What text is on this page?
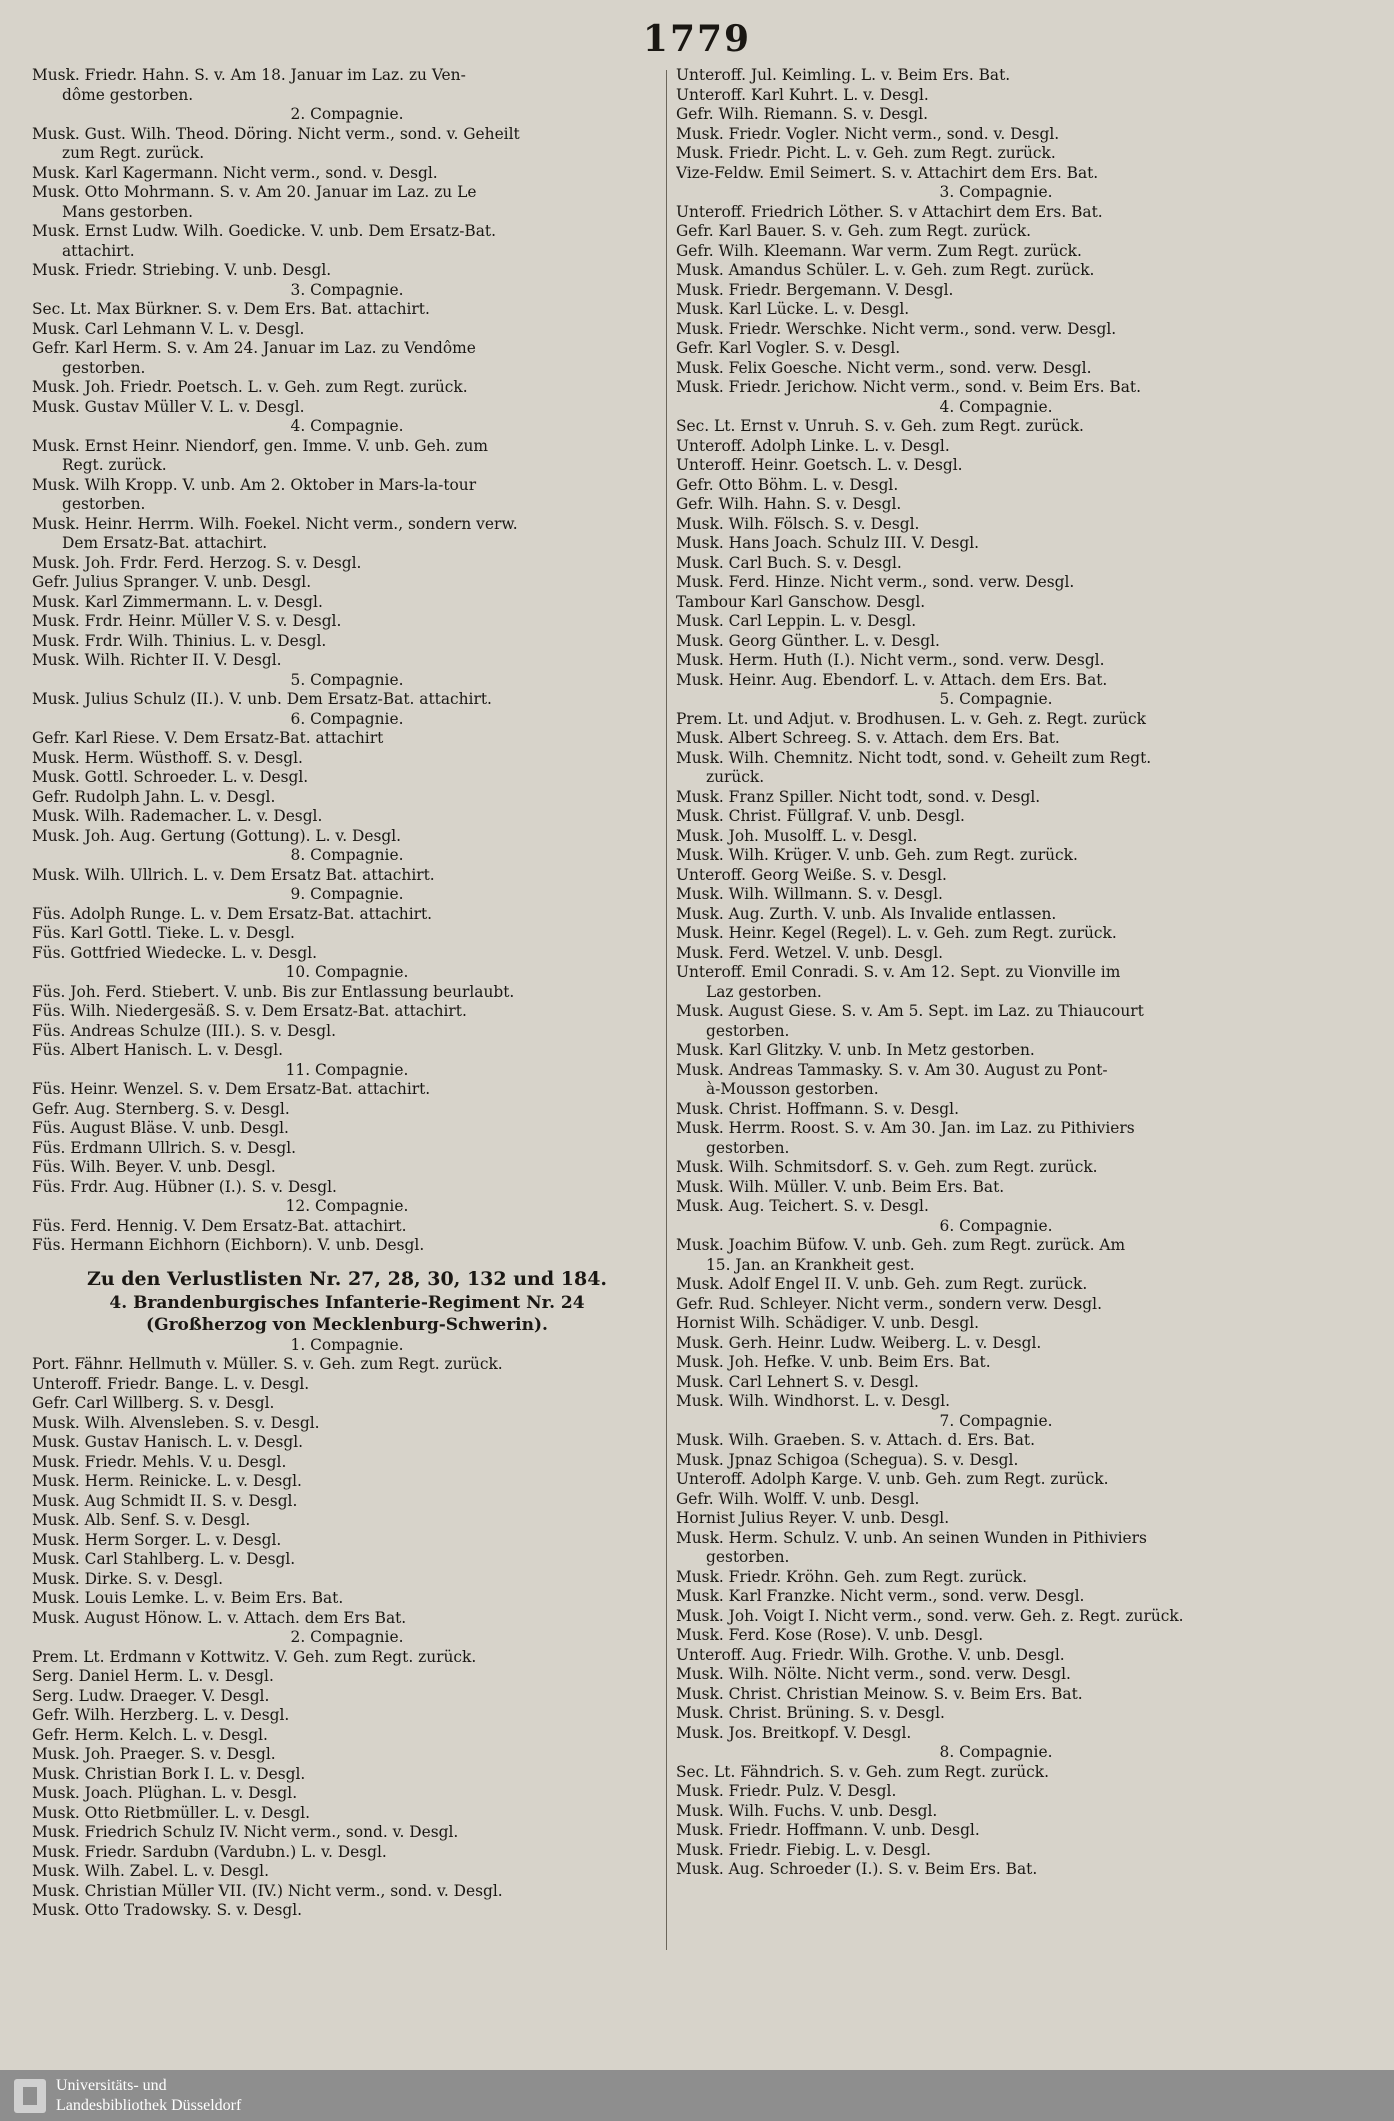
1779
Musk. Friedr. Hahn. S. v. Am 18. Januar im Laz. zu Ven-
dôme gestorben.
2. Compagnie.
Musk. Gust. Wilh. Theod. Döring. Nicht verm., sond. v. Geheilt
zum Regt. zurück.
Musk. Karl Kagermann. Nicht verm., sond. v. Desgl.
Musk. Otto Mohrmann. S. v. Am 20. Januar im Laz. zu Le
Mans gestorben.
Musk. Ernst Ludw. Wilh. Goedicke. V. unb. Dem Ersatz-Bat.
attachirt.
Musk. Friedr. Striebing. V. unb. Desgl.
3. Compagnie.
Sec. Lt. Max Bürkner. S. v. Dem Ers. Bat. attachirt.
Musk. Carl Lehmann V. L. v. Desgl.
Gefr. Karl Herm. S. v. Am 24. Januar im Laz. zu Vendôme
gestorben.
Musk. Joh. Friedr. Poetsch. L. v. Geh. zum Regt. zurück.
Musk. Gustav Müller V. L. v. Desgl.
4. Compagnie.
Musk. Ernst Heinr. Niendorf, gen. Imme. V. unb. Geh. zum
Regt. zurück.
Musk. Wilh Kropp. V. unb. Am 2. Oktober in Mars-la-tour
gestorben.
Musk. Heinr. Herrm. Wilh. Foekel. Nicht verm., sondern verw.
Dem Ersatz-Bat. attachirt.
Musk. Joh. Frdr. Ferd. Herzog. S. v. Desgl.
Gefr. Julius Spranger. V. unb. Desgl.
Musk. Karl Zimmermann. L. v. Desgl.
Musk. Frdr. Heinr. Müller V. S. v. Desgl.
Musk. Frdr. Wilh. Thinius. L. v. Desgl.
Musk. Wilh. Richter II. V. Desgl.
5. Compagnie.
Musk. Julius Schulz (II.). V. unb. Dem Ersatz-Bat. attachirt.
6. Compagnie.
Gefr. Karl Riese. V. Dem Ersatz-Bat. attachirt
Musk. Herm. Wüsthoff. S. v. Desgl.
Musk. Gottl. Schroeder. L. v. Desgl.
Gefr. Rudolph Jahn. L. v. Desgl.
Musk. Wilh. Rademacher. L. v. Desgl.
Musk. Joh. Aug. Gertung (Gottung). L. v. Desgl.
8. Compagnie.
Musk. Wilh. Ullrich. L. v. Dem Ersatz Bat. attachirt.
9. Compagnie.
Füs. Adolph Runge. L. v. Dem Ersatz-Bat. attachirt.
Füs. Karl Gottl. Tieke. L. v. Desgl.
Füs. Gottfried Wiedecke. L. v. Desgl.
10. Compagnie.
Füs. Joh. Ferd. Stiebert. V. unb. Bis zur Entlassung beurlaubt.
Füs. Wilh. Niedergesäß. S. v. Dem Ersatz-Bat. attachirt.
Füs. Andreas Schulze (III.). S. v. Desgl.
Füs. Albert Hanisch. L. v. Desgl.
11. Compagnie.
Füs. Heinr. Wenzel. S. v. Dem Ersatz-Bat. attachirt.
Gefr. Aug. Sternberg. S. v. Desgl.
Füs. August Bläse. V. unb. Desgl.
Füs. Erdmann Ullrich. S. v. Desgl.
Füs. Wilh. Beyer. V. unb. Desgl.
Füs. Frdr. Aug. Hübner (I.). S. v. Desgl.
12. Compagnie.
Füs. Ferd. Hennig. V. Dem Ersatz-Bat. attachirt.
Füs. Hermann Eichhorn (Eichborn). V. unb. Desgl.
Zu den Verlustlisten Nr. 27, 28, 30, 132 und 184.
4. Brandenburgisches Infanterie-Regiment Nr. 24
(Großherzog von Mecklenburg-Schwerin).
1. Compagnie.
Port. Fähnr. Hellmuth v. Müller. S. v. Geh. zum Regt. zurück.
Unteroff. Friedr. Bange. L. v. Desgl.
Gefr. Carl Willberg. S. v. Desgl.
Musk. Wilh. Alvensleben. S. v. Desgl.
Musk. Gustav Hanisch. L. v. Desgl.
Musk. Friedr. Mehls. V. u. Desgl.
Musk. Herm. Reinicke. L. v. Desgl.
Musk. Aug Schmidt II. S. v. Desgl.
Musk. Alb. Senf. S. v. Desgl.
Musk. Herm Sorger. L. v. Desgl.
Musk. Carl Stahlberg. L. v. Desgl.
Musk. Dirke. S. v. Desgl.
Musk. Louis Lemke. L. v. Beim Ers. Bat.
Musk. August Hönow. L. v. Attach. dem Ers Bat.
2. Compagnie.
Prem. Lt. Erdmann v Kottwitz. V. Geh. zum Regt. zurück.
Serg. Daniel Herm. L. v. Desgl.
Serg. Ludw. Draeger. V. Desgl.
Gefr. Wilh. Herzberg. L. v. Desgl.
Gefr. Herm. Kelch. L. v. Desgl.
Musk. Joh. Praeger. S. v. Desgl.
Musk. Christian Bork I. L. v. Desgl.
Musk. Joach. Plüghan. L. v. Desgl.
Musk. Otto Rietbmüller. L. v. Desgl.
Musk. Friedrich Schulz IV. Nicht verm., sond. v. Desgl.
Musk. Friedr. Sardubn (Vardubn.) L. v. Desgl.
Musk. Wilh. Zabel. L. v. Desgl.
Musk. Christian Müller VII. (IV.) Nicht verm., sond. v. Desgl.
Musk. Otto Tradowsky. S. v. Desgl.
Unteroff. Jul. Keimling. L. v. Beim Ers. Bat.
Unteroff. Karl Kuhrt. L. v. Desgl.
Gefr. Wilh. Riemann. S. v. Desgl.
Musk. Friedr. Vogler. Nicht verm., sond. v. Desgl.
Musk. Friedr. Picht. L. v. Geh. zum Regt. zurück.
Vize-Feldw. Emil Seimert. S. v. Attachirt dem Ers. Bat.
3. Compagnie.
Unteroff. Friedrich Löther. S. v Attachirt dem Ers. Bat.
Gefr. Karl Bauer. S. v. Geh. zum Regt. zurück.
Gefr. Wilh. Kleemann. War verm. Zum Regt. zurück.
Musk. Amandus Schüler. L. v. Geh. zum Regt. zurück.
Musk. Friedr. Bergemann. V. Desgl.
Musk. Karl Lücke. L. v. Desgl.
Musk. Friedr. Werschke. Nicht verm., sond. verw. Desgl.
Gefr. Karl Vogler. S. v. Desgl.
Musk. Felix Goesche. Nicht verm., sond. verw. Desgl.
Musk. Friedr. Jerichow. Nicht verm., sond. v. Beim Ers. Bat.
4. Compagnie.
Sec. Lt. Ernst v. Unruh. S. v. Geh. zum Regt. zurück.
Unteroff. Adolph Linke. L. v. Desgl.
Unteroff. Heinr. Goetsch. L. v. Desgl.
Gefr. Otto Böhm. L. v. Desgl.
Gefr. Wilh. Hahn. S. v. Desgl.
Musk. Wilh. Fölsch. S. v. Desgl.
Musk. Hans Joach. Schulz III. V. Desgl.
Musk. Carl Buch. S. v. Desgl.
Musk. Ferd. Hinze. Nicht verm., sond. verw. Desgl.
Tambour Karl Ganschow. Desgl.
Musk. Carl Leppin. L. v. Desgl.
Musk. Georg Günther. L. v. Desgl.
Musk. Herm. Huth (I.). Nicht verm., sond. verw. Desgl.
Musk. Heinr. Aug. Ebendorf. L. v. Attach. dem Ers. Bat.
5. Compagnie.
Prem. Lt. und Adjut. v. Brodhusen. L. v. Geh. z. Regt. zurück
Musk. Albert Schreeg. S. v. Attach. dem Ers. Bat.
Musk. Wilh. Chemnitz. Nicht todt, sond. v. Geheilt zum Regt.
zurück.
Musk. Franz Spiller. Nicht todt, sond. v. Desgl.
Musk. Christ. Füllgraf. V. unb. Desgl.
Musk. Joh. Musolff. L. v. Desgl.
Musk. Wilh. Krüger. V. unb. Geh. zum Regt. zurück.
Unteroff. Georg Weiße. S. v. Desgl.
Musk. Wilh. Willmann. S. v. Desgl.
Musk. Aug. Zurth. V. unb. Als Invalide entlassen.
Musk. Heinr. Kegel (Regel). L. v. Geh. zum Regt. zurück.
Musk. Ferd. Wetzel. V. unb. Desgl.
Unteroff. Emil Conradi. S. v. Am 12. Sept. zu Vionville im
Laz gestorben.
Musk. August Giese. S. v. Am 5. Sept. im Laz. zu Thiaucourt
gestorben.
Musk. Karl Glitzky. V. unb. In Metz gestorben.
Musk. Andreas Tammasky. S. v. Am 30. August zu Pont-
à-Mousson gestorben.
Musk. Christ. Hoffmann. S. v. Desgl.
Musk. Herrm. Roost. S. v. Am 30. Jan. im Laz. zu Pithiviers
gestorben.
Musk. Wilh. Schmitsdorf. S. v. Geh. zum Regt. zurück.
Musk. Wilh. Müller. V. unb. Beim Ers. Bat.
Musk. Aug. Teichert. S. v. Desgl.
6. Compagnie.
Musk. Joachim Büfow. V. unb. Geh. zum Regt. zurück. Am
15. Jan. an Krankheit gest.
Musk. Adolf Engel II. V. unb. Geh. zum Regt. zurück.
Gefr. Rud. Schleyer. Nicht verm., sondern verw. Desgl.
Hornist Wilh. Schädiger. V. unb. Desgl.
Musk. Gerh. Heinr. Ludw. Weiberg. L. v. Desgl.
Musk. Joh. Hefke. V. unb. Beim Ers. Bat.
Musk. Carl Lehnert S. v. Desgl.
Musk. Wilh. Windhorst. L. v. Desgl.
7. Compagnie.
Musk. Wilh. Graeben. S. v. Attach. d. Ers. Bat.
Musk. Jpnaz Schigoa (Schegua). S. v. Desgl.
Unteroff. Adolph Karge. V. unb. Geh. zum Regt. zurück.
Gefr. Wilh. Wolff. V. unb. Desgl.
Hornist Julius Reyer. V. unb. Desgl.
Musk. Herm. Schulz. V. unb. An seinen Wunden in Pithiviers
gestorben.
Musk. Friedr. Kröhn. Geh. zum Regt. zurück.
Musk. Karl Franzke. Nicht verm., sond. verw. Desgl.
Musk. Joh. Voigt I. Nicht verm., sond. verw. Geh. z. Regt. zurück.
Musk. Ferd. Kose (Rose). V. unb. Desgl.
Unteroff. Aug. Friedr. Wilh. Grothe. V. unb. Desgl.
Musk. Wilh. Nölte. Nicht verm., sond. verw. Desgl.
Musk. Christ. Christian Meinow. S. v. Beim Ers. Bat.
Musk. Christ. Brüning. S. v. Desgl.
Musk. Jos. Breitkopf. V. Desgl.
8. Compagnie.
Sec. Lt. Fähndrich. S. v. Geh. zum Regt. zurück.
Musk. Friedr. Pulz. V. Desgl.
Musk. Wilh. Fuchs. V. unb. Desgl.
Musk. Friedr. Hoffmann. V. unb. Desgl.
Musk. Friedr. Fiebig. L. v. Desgl.
Musk. Aug. Schroeder (I.). S. v. Beim Ers. Bat.
Universitäts- und
Landesbibliothek Düsseldorf
